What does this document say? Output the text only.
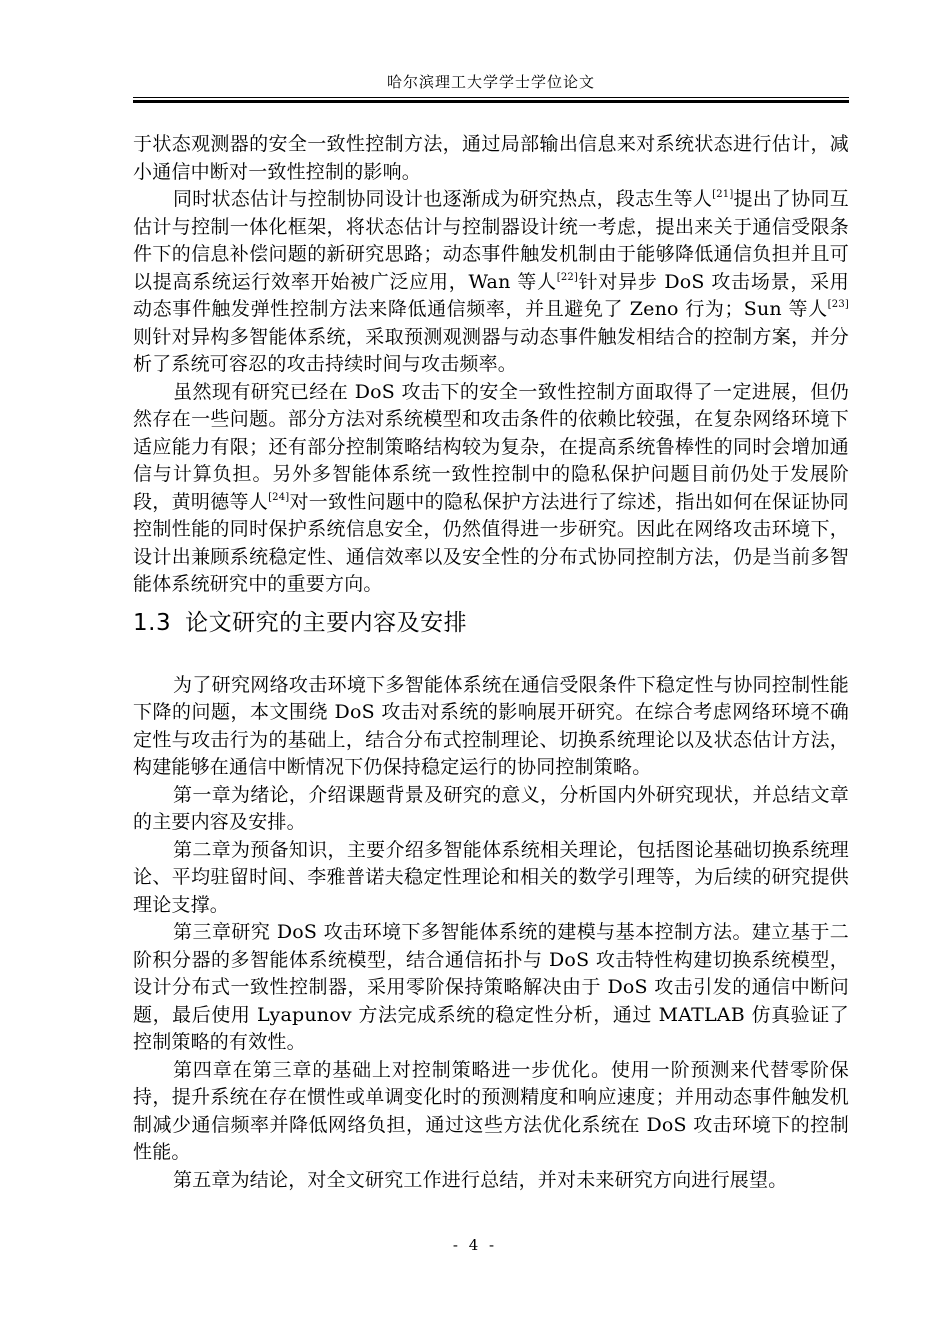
哈尔滨理工大学学士学位论文

于状态观测器的安全一致性控制方法，通过局部输出信息来对系统状态进行估计，减小通信中断对一致性控制的影响。

同时状态估计与控制协同设计也逐渐成为研究热点，段志生等人[21]提出了协同互估计与控制一体化框架，将状态估计与控制器设计统一考虑，提出来关于通信受限条件下的信息补偿问题的新研究思路；动态事件触发机制由于能够降低通信负担并且可以提高系统运行效率开始被广泛应用，Wan 等人[22]针对异步 DoS 攻击场景，采用动态事件触发弹性控制方法来降低通信频率，并且避免了 Zeno 行为；Sun 等人[23]则针对异构多智能体系统，采取预测观测器与动态事件触发相结合的控制方案，并分析了系统可容忍的攻击持续时间与攻击频率。

虽然现有研究已经在 DoS 攻击下的安全一致性控制方面取得了一定进展，但仍然存在一些问题。部分方法对系统模型和攻击条件的依赖比较强，在复杂网络环境下适应能力有限；还有部分控制策略结构较为复杂，在提高系统鲁棒性的同时会增加通信与计算负担。另外多智能体系统一致性控制中的隐私保护问题目前仍处于发展阶段，黄明德等人[24]对一致性问题中的隐私保护方法进行了综述，指出如何在保证协同控制性能的同时保护系统信息安全，仍然值得进一步研究。因此在网络攻击环境下，设计出兼顾系统稳定性、通信效率以及安全性的分布式协同控制方法，仍是当前多智能体系统研究中的重要方向。

1.3 论文研究的主要内容及安排

为了研究网络攻击环境下多智能体系统在通信受限条件下稳定性与协同控制性能下降的问题，本文围绕 DoS 攻击对系统的影响展开研究。在综合考虑网络环境不确定性与攻击行为的基础上，结合分布式控制理论、切换系统理论以及状态估计方法，构建能够在通信中断情况下仍保持稳定运行的协同控制策略。

第一章为绪论，介绍课题背景及研究的意义，分析国内外研究现状，并总结文章的主要内容及安排。

第二章为预备知识，主要介绍多智能体系统相关理论，包括图论基础切换系统理论、平均驻留时间、李雅普诺夫稳定性理论和相关的数学引理等，为后续的研究提供理论支撑。

第三章研究 DoS 攻击环境下多智能体系统的建模与基本控制方法。建立基于二阶积分器的多智能体系统模型，结合通信拓扑与 DoS 攻击特性构建切换系统模型，设计分布式一致性控制器，采用零阶保持策略解决由于 DoS 攻击引发的通信中断问题，最后使用 Lyapunov 方法完成系统的稳定性分析，通过 MATLAB 仿真验证了控制策略的有效性。

第四章在第三章的基础上对控制策略进一步优化。使用一阶预测来代替零阶保持，提升系统在存在惯性或单调变化时的预测精度和响应速度；并用动态事件触发机制减少通信频率并降低网络负担，通过这些方法优化系统在 DoS 攻击环境下的控制性能。

第五章为结论，对全文研究工作进行总结，并对未来研究方向进行展望。

- 4 -
